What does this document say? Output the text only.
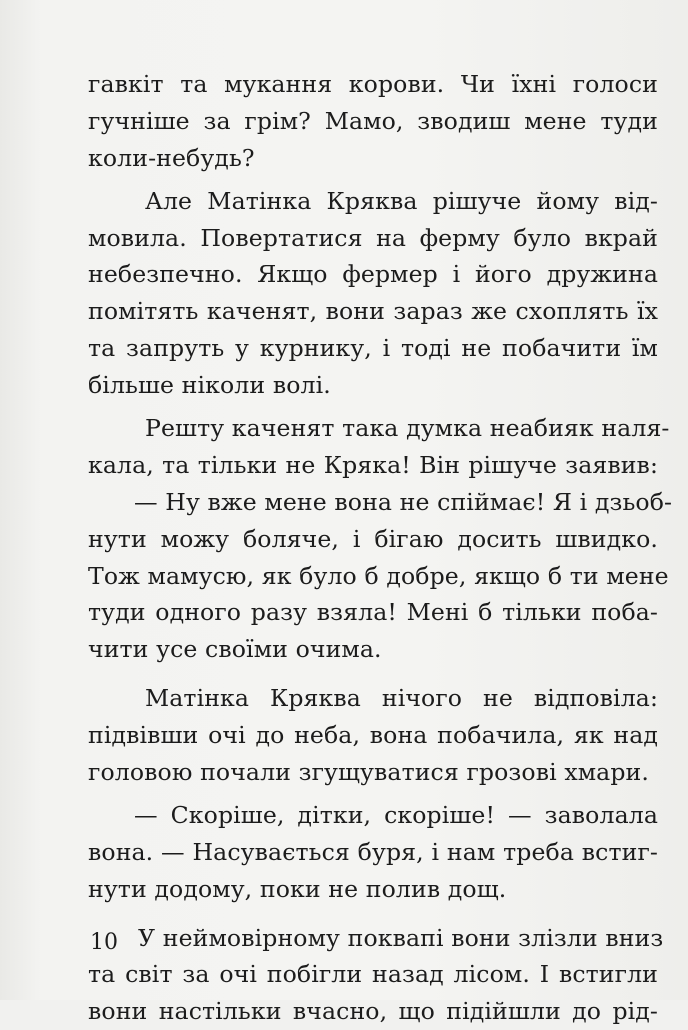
гавкіт та мукання корови. Чи їхні голоси
гучніше за грім? Мамо, зводиш мене туди
коли-небудь?
Але Матінка Кряква рішуче йому від-
мовила. Повертатися на ферму було вкрай
небезпечно. Якщо фермер і його дружина
помітять каченят, вони зараз же схоплять їх
та запруть у курнику, і тоді не побачити їм
більше ніколи волі.
Решту каченят така думка неабияк наля-
кала, та тільки не Кряка! Він рішуче заявив:
— Ну вже мене вона не спіймає! Я і дзьоб-
нути можу боляче, і бігаю досить швидко.
Тож мамусю, як було б добре, якщо б ти мене
туди одного разу взяла! Мені б тільки поба-
чити усе своїми очима.
Матінка Кряква нічого не відповіла:
підвівши очі до неба, вона побачила, як над
головою почали згущуватися грозові хмари.
— Скоріше, дітки, скоріше! — заволала
вона. — Насувається буря, і нам треба встиг-
нути додому, поки не полив дощ.
У неймовірному поквапі вони злізли вниз
та світ за очі побігли назад лісом. І встигли
вони настільки вчасно, що підійшли до рід-
10
